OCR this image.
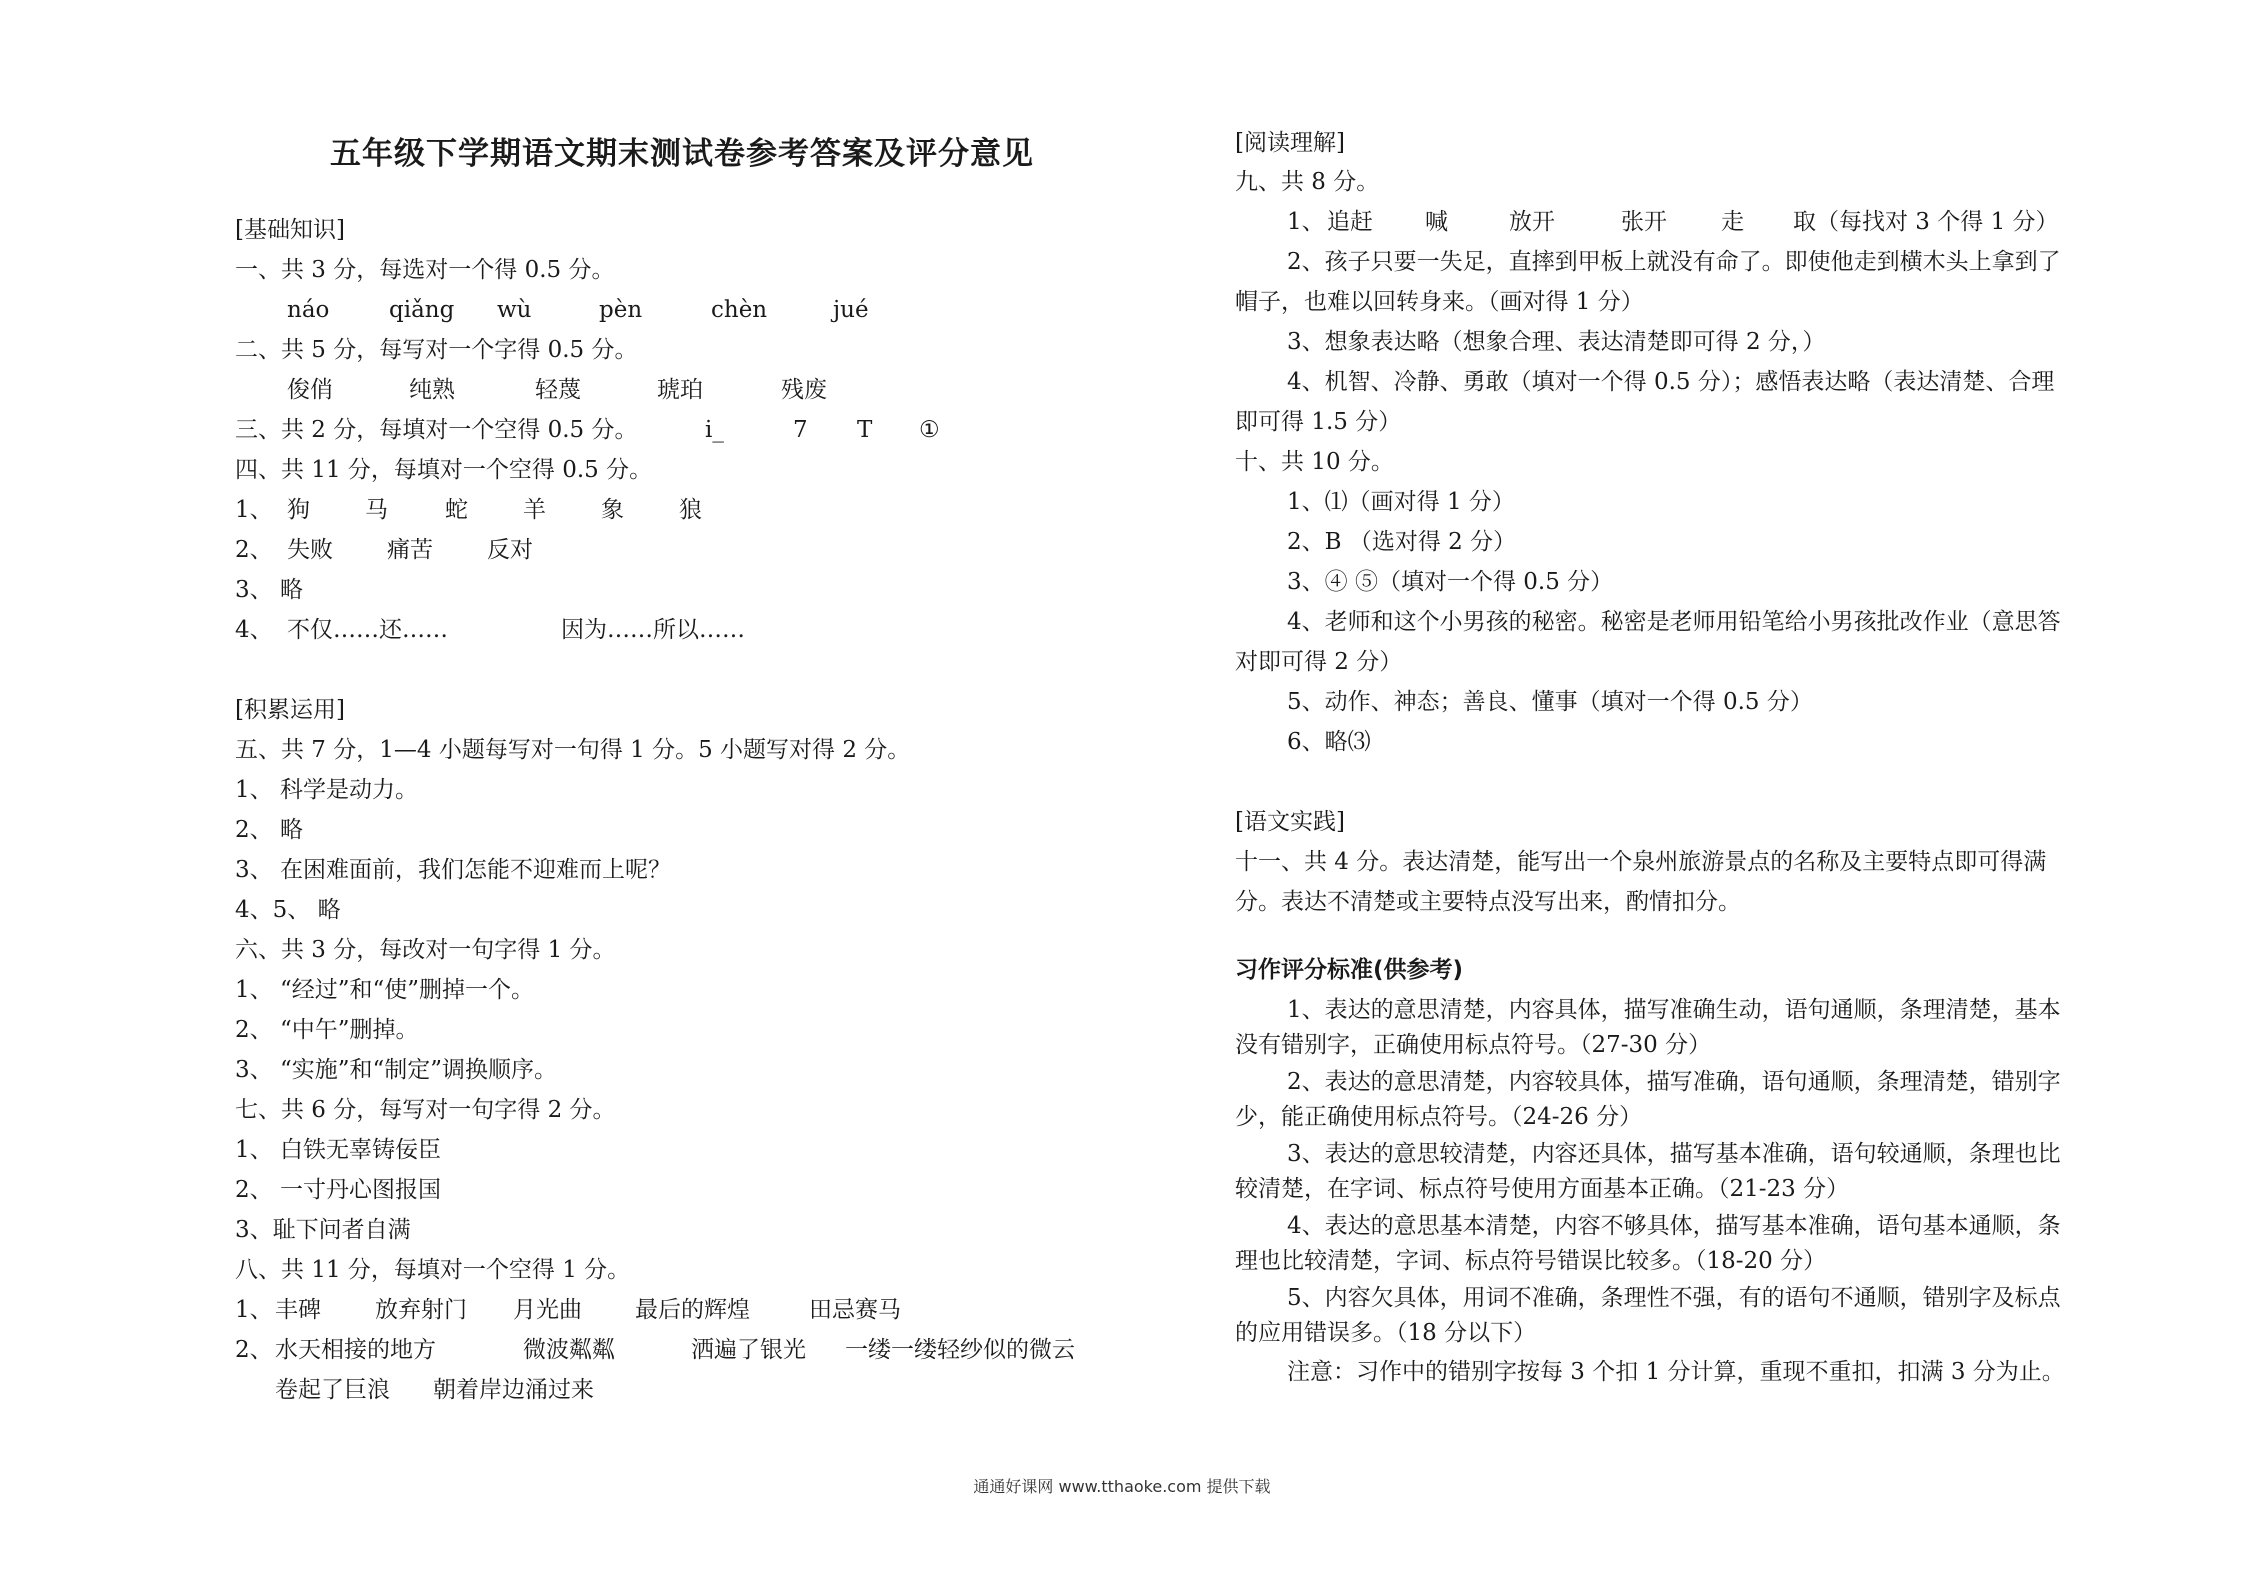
五年级下学期语文期末测试卷参考答案及评分意见
[基础知识]
一、共 3 分，每选对一个得 0.5 分。
náo	qiǎng wù	pèn	chèn	jué
二、共 5 分，每写对一个字得 0.5 分。
俊俏	纯熟	轻蔑	琥珀	残废
三、共 2 分，每填对一个空得 0.5 分。	i_	7 T ①
四、共 11 分，每填对一个空得 0.5 分。
1、 狗 马 蛇 羊 象 狼
2、 失败 痛苦 反对
3、 略
4、 不仅……还……	因为……所以……
[积累运用]
五、共 7 分，1—4 小题每写对一句得 1 分。5 小题写对得 2 分。
1、 科学是动力。
2、 略
3、 在困难面前，我们怎能不迎难而上呢？
4、5、 略
六、共 3 分，每改对一句字得 1 分。
1、 “经过”和“使”删掉一个。
2、 “中午”删掉。
3、 “实施”和“制定”调换顺序。
七、共 6 分，每写对一句字得 2 分。
1、 白铁无辜铸佞臣
2、 一寸丹心图报国
3、耻下问者自满
八、共 11 分，每填对一个空得 1 分。
1、 丰碑 放弃射门 月光曲 最后的辉煌	田忌赛马
2、 水天相接的地方	微波粼粼	洒遍了银光 一缕一缕轻纱似的微云
卷起了巨浪 朝着岸边涌过来
[阅读理解]
九、共 8 分。
1、 追赶 喊	放开	张开 走 取（每找对 3 个得 1 分）
2、孩子只要一失足，直摔到甲板上就没有命了。即使他走到横木头上拿到了
帽子，也难以回转身来。（画对得 1 分）
3、想象表达略（想象合理、表达清楚即可得 2 分，）
4、机智、冷静、勇敢（填对一个得 0.5 分）；感悟表达略（表达清楚、合理
即可得 1.5 分）
十、共 10 分。
1、⑴（画对得 1 分）
2、B （选对得 2 分）
3、④ ⑤（填对一个得 0.5 分）
4、老师和这个小男孩的秘密。秘密是老师用铅笔给小男孩批改作业（意思答
对即可得 2 分）
5、动作、神态；善良、懂事（填对一个得 0.5 分）
6、略⑶
[语文实践]
十一、共 4 分。表达清楚，能写出一个泉州旅游景点的名称及主要特点即可得满
分。表达不清楚或主要特点没写出来，酌情扣分。
习作评分标准(供参考)
1、表达的意思清楚，内容具体，描写准确生动，语句通顺，条理清楚，基本
没有错别字，正确使用标点符号。（27-30 分）
2、表达的意思清楚，内容较具体，描写准确，语句通顺，条理清楚，错别字
少，能正确使用标点符号。（24-26 分）
3、表达的意思较清楚，内容还具体，描写基本准确，语句较通顺，条理也比
较清楚，在字词、标点符号使用方面基本正确。（21-23 分）
4、表达的意思基本清楚，内容不够具体，描写基本准确，语句基本通顺，条
理也比较清楚，字词、标点符号错误比较多。（18-20 分）
5、内容欠具体，用词不准确，条理性不强，有的语句不通顺，错别字及标点
的应用错误多。（18 分以下）
注意：习作中的错别字按每 3 个扣 1 分计算，重现不重扣，扣满 3 分为止。
通通好课网 www.tthaoke.com 提供下载
